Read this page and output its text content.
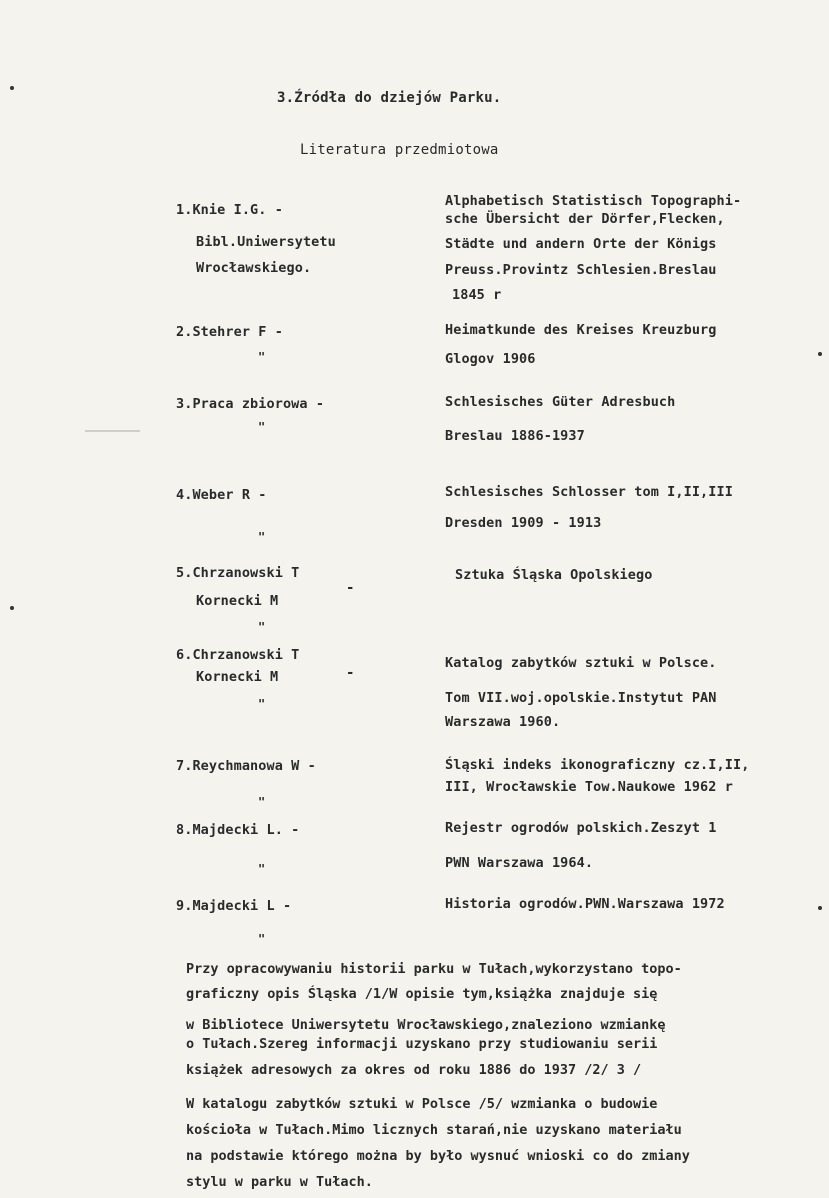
3.Źródła do dziejów Parku.
Literatura przedmiotowa
1.Knie I.G. -
Bibl.Uniwersytetu
Wrocławskiego.
Alphabetisch Statistisch Topographi-
sche Übersicht der Dörfer,Flecken,
Städte und andern Orte der Königs
Preuss.Provintz Schlesien.Breslau
1845 r
2.Stehrer F -
"
Heimatkunde des Kreises Kreuzburg
Glogov 1906
3.Praca zbiorowa -
"
Schlesisches Güter Adresbuch
Breslau 1886-1937
4.Weber R -
"
Schlesisches Schlosser tom I,II,III
Dresden 1909 - 1913
5.Chrzanowski T
Kornecki M
-
"
Sztuka Śląska Opolskiego
6.Chrzanowski T
Kornecki M	-
"
Katalog zabytków sztuki w Polsce.
Tom VII.woj.opolskie.Instytut PAN
Warszawa 1960.
7.Reychmanowa W -
"
Śląski indeks ikonograficzny cz.I,II,
III, Wrocławskie Tow.Naukowe 1962 r
8.Majdecki L. -
"
Rejestr ogrodów polskich.Zeszyt 1
PWN Warszawa 1964.
9.Majdecki L -
"
Historia ogrodów.PWN.Warszawa 1972
Przy opracowywaniu historii parku w Tułach,wykorzystano topo-
graficzny opis Śląska /1/W opisie tym,książka znajduje się
w Bibliotece Uniwersytetu Wrocławskiego,znaleziono wzmiankę
o Tułach.Szereg informacji uzyskano przy studiowaniu serii
książek adresowych za okres od roku 1886 do 1937 /2/ 3 /
W katalogu zabytków sztuki w Polsce /5/ wzmianka o budowie
kościoła w Tułach.Mimo licznych starań,nie uzyskano materiału
na podstawie którego można by było wysnuć wnioski co do zmiany
stylu w parku w Tułach.
